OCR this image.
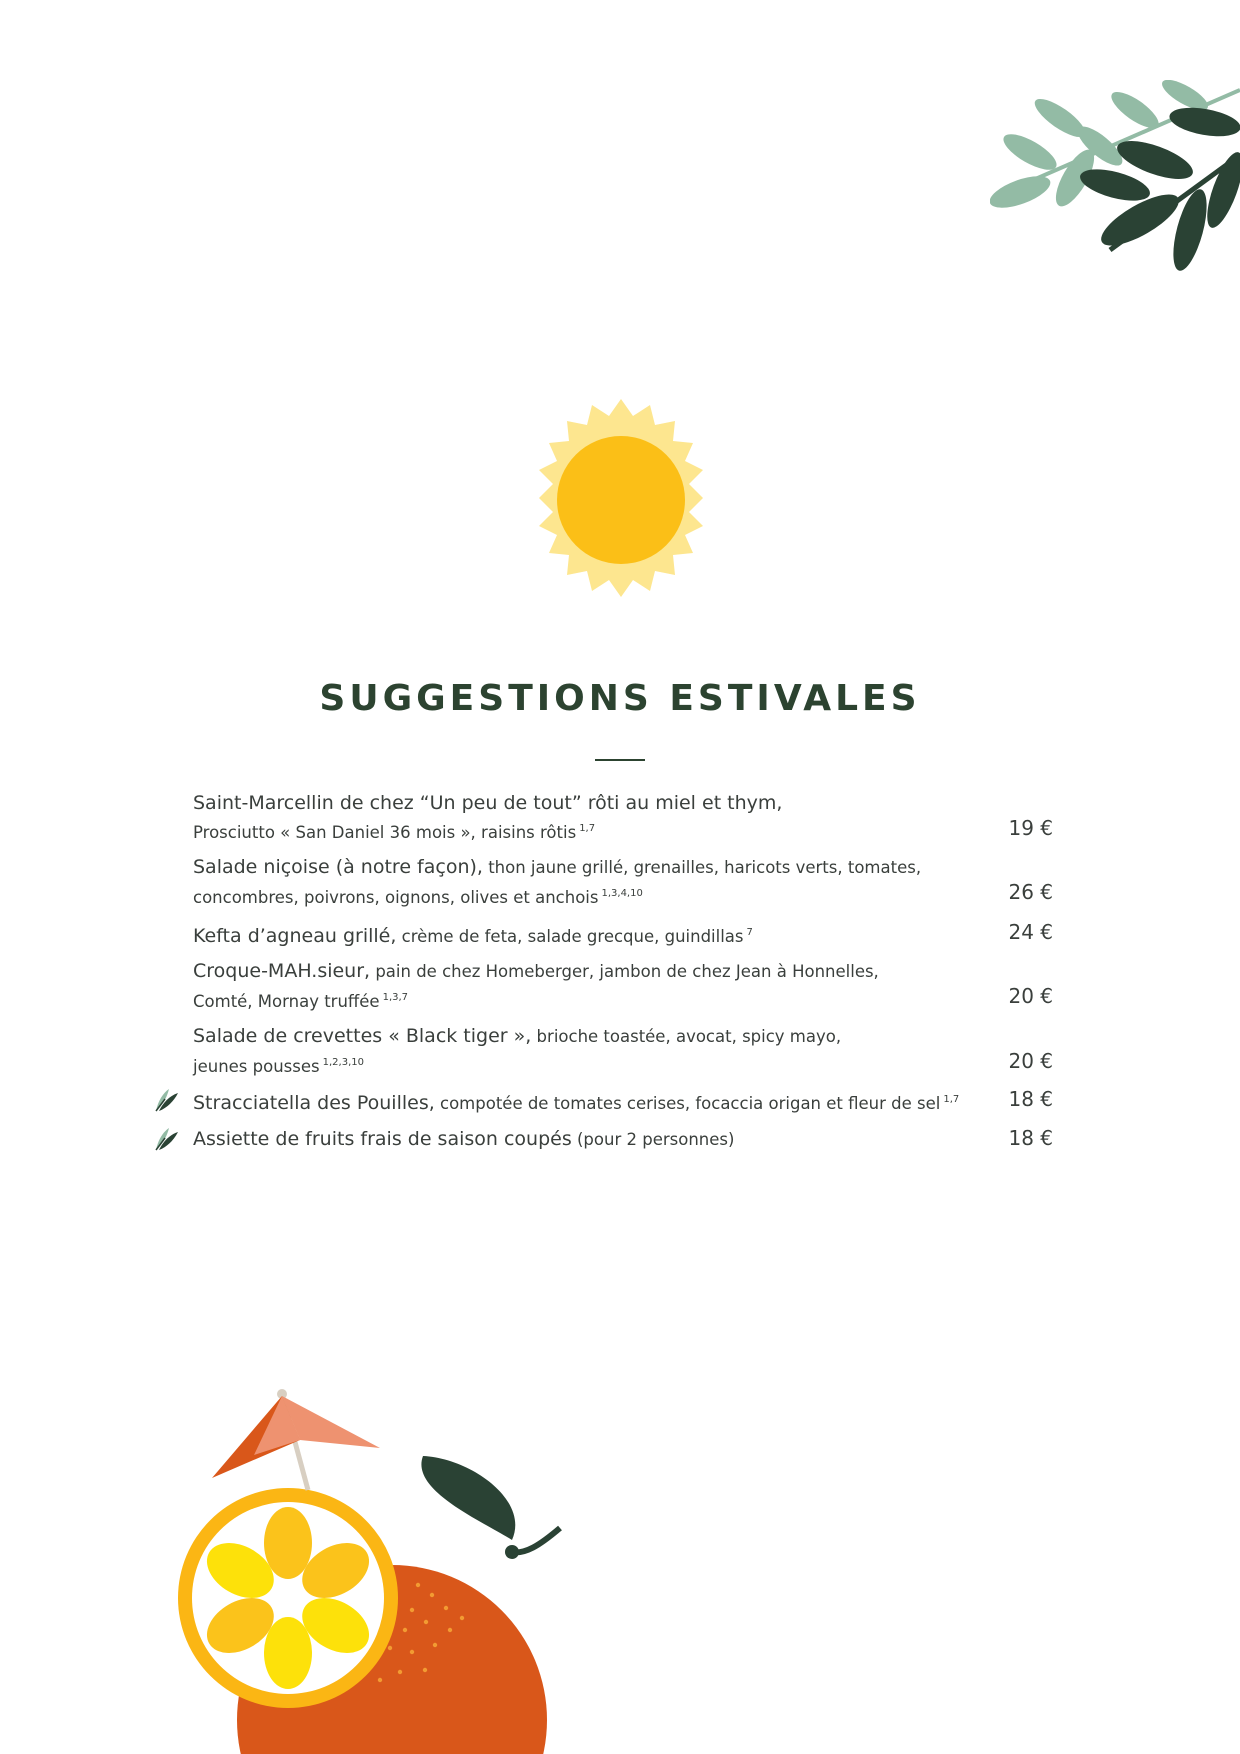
SUGGESTIONS ESTIVALES
Saint-Marcellin de chez “Un peu de tout” rôti au miel et thym,
Prosciutto « San Daniel 36 mois », raisins rôtis $^{1,7}$	19 €
Salade niçoise (à notre façon), thon jaune grillé, grenailles, haricots verts, tomates,
concombres, poivrons, oignons, olives et anchois $^{1,3,4,10}$	26 €
Kefta d’agneau grillé, crème de feta, salade grecque, guindillas $^7$	24 €
Croque-MAH.sieur, pain de chez Homeberger, jambon de chez Jean à Honnelles,
Comté, Mornay truffée $^{1,3,7}$	20 €
Salade de crevettes « Black tiger », brioche toastée, avocat, spicy mayo,
jeunes pousses $^{1,2,3,10}$	20 €
Stracciatella des Pouilles, compotée de tomates cerises, focaccia origan et fleur de sel $^{1,7}$	18 €
Assiette de fruits frais de saison coupés (pour 2 personnes)	18 €
